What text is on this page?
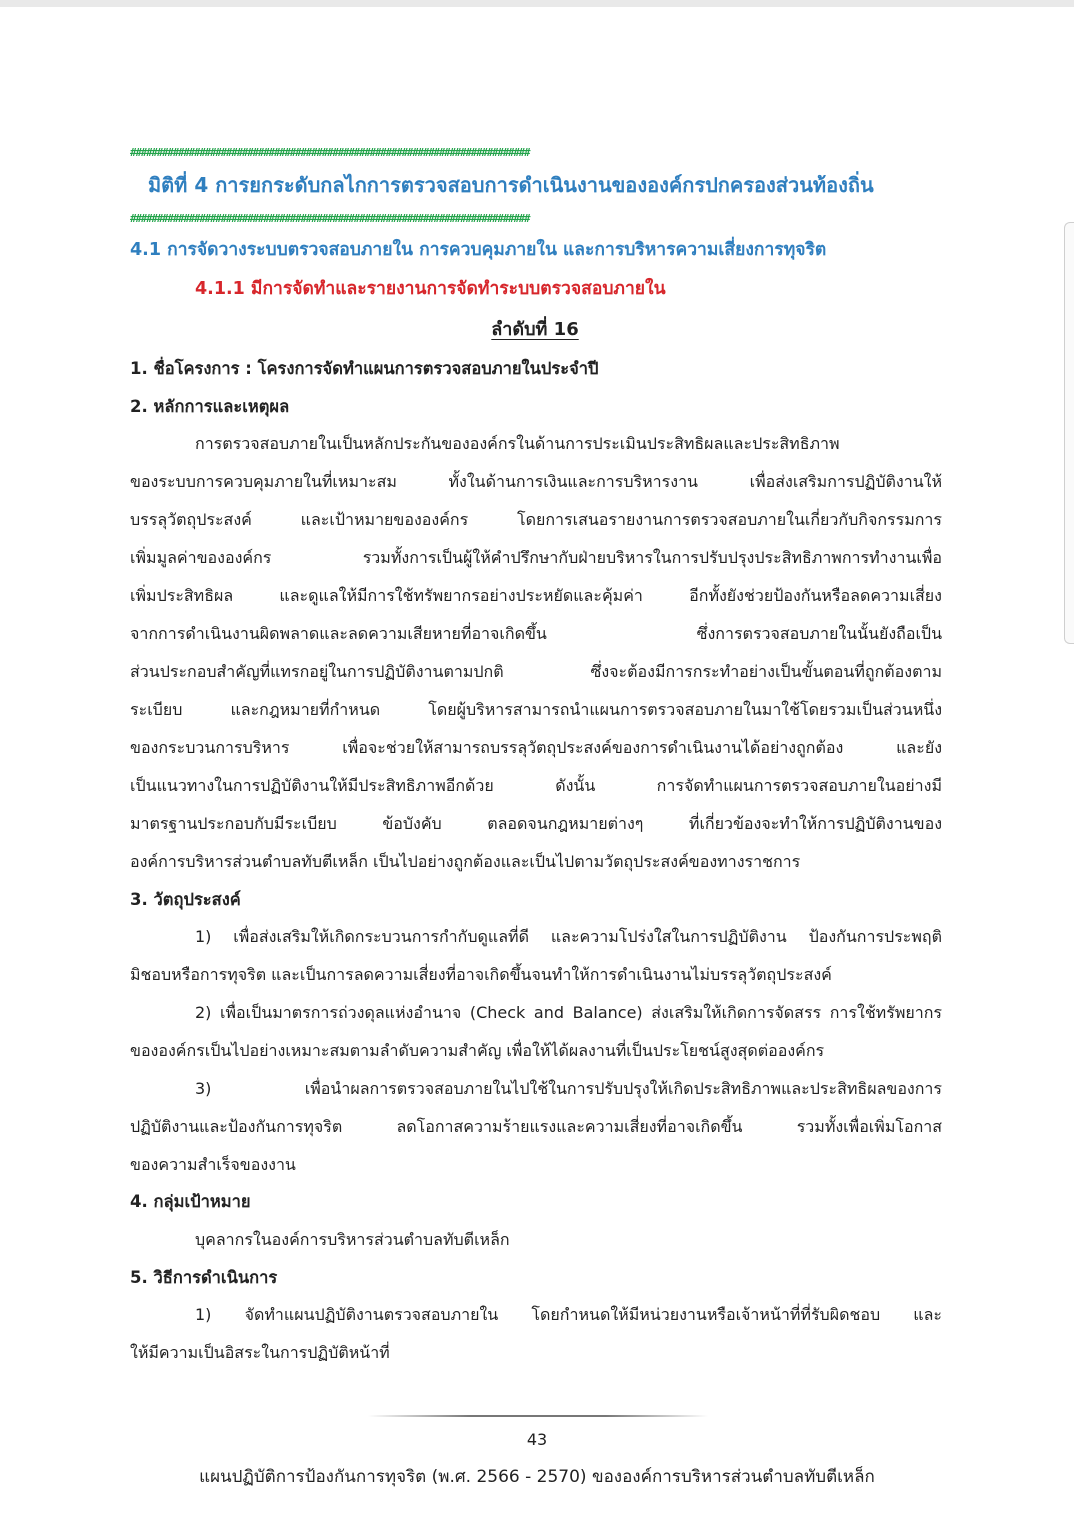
###########################################################################
มิติที่ 4 การยกระดับกลไกการตรวจสอบการดำเนินงานขององค์กรปกครองส่วนท้องถิ่น
###########################################################################
4.1 การจัดวางระบบตรวจสอบภายใน การควบคุมภายใน และการบริหารความเสี่ยงการทุจริต
4.1.1 มีการจัดทำและรายงานการจัดทำระบบตรวจสอบภายใน
ลำดับที่ 16
1. ชื่อโครงการ : โครงการจัดทำแผนการตรวจสอบภายในประจำปี
2. หลักการและเหตุผล
การตรวจสอบภายในเป็นหลักประกันขององค์กรในด้านการประเมินประสิทธิผลและประสิทธิภาพ
ของระบบการควบคุมภายในที่เหมาะสม ทั้งในด้านการเงินและการบริหารงาน เพื่อส่งเสริมการปฏิบัติงานให้
บรรลุวัตถุประสงค์ และเป้าหมายขององค์กร โดยการเสนอรายงานการตรวจสอบภายในเกี่ยวกับกิจกรรมการ
เพิ่มมูลค่าขององค์กร รวมทั้งการเป็นผู้ให้คำปรึกษากับฝ่ายบริหารในการปรับปรุงประสิทธิภาพการทำงานเพื่อ
เพิ่มประสิทธิผล และดูแลให้มีการใช้ทรัพยากรอย่างประหยัดและคุ้มค่า อีกทั้งยังช่วยป้องกันหรือลดความเสี่ยง
จากการดำเนินงานผิดพลาดและลดความเสียหายที่อาจเกิดขึ้น ซึ่งการตรวจสอบภายในนั้นยังถือเป็น
ส่วนประกอบสำคัญที่แทรกอยู่ในการปฏิบัติงานตามปกติ ซึ่งจะต้องมีการกระทำอย่างเป็นขั้นตอนที่ถูกต้องตาม
ระเบียบ และกฎหมายที่กำหนด โดยผู้บริหารสามารถนำแผนการตรวจสอบภายในมาใช้โดยรวมเป็นส่วนหนึ่ง
ของกระบวนการบริหาร เพื่อจะช่วยให้สามารถบรรลุวัตถุประสงค์ของการดำเนินงานได้อย่างถูกต้อง และยัง
เป็นแนวทางในการปฏิบัติงานให้มีประสิทธิภาพอีกด้วย ดังนั้น การจัดทำแผนการตรวจสอบภายในอย่างมี
มาตรฐานประกอบกับมีระเบียบ ข้อบังคับ ตลอดจนกฎหมายต่างๆ ที่เกี่ยวข้องจะทำให้การปฏิบัติงานของ
องค์การบริหารส่วนตำบลทับตีเหล็ก เป็นไปอย่างถูกต้องและเป็นไปตามวัตถุประสงค์ของทางราชการ
3. วัตถุประสงค์
1) เพื่อส่งเสริมให้เกิดกระบวนการกำกับดูแลที่ดี และความโปร่งใสในการปฏิบัติงาน ป้องกันการประพฤติ
มิชอบหรือการทุจริต และเป็นการลดความเสี่ยงที่อาจเกิดขึ้นจนทำให้การดำเนินงานไม่บรรลุวัตถุประสงค์
2) เพื่อเป็นมาตรการถ่วงดุลแห่งอำนาจ (Check and Balance) ส่งเสริมให้เกิดการจัดสรร การใช้ทรัพยากร
ขององค์กรเป็นไปอย่างเหมาะสมตามลำดับความสำคัญ เพื่อให้ได้ผลงานที่เป็นประโยชน์สูงสุดต่อองค์กร
3) เพื่อนำผลการตรวจสอบภายในไปใช้ในการปรับปรุงให้เกิดประสิทธิภาพและประสิทธิผลของการ
ปฏิบัติงานและป้องกันการทุจริต ลดโอกาสความร้ายแรงและความเสี่ยงที่อาจเกิดขึ้น รวมทั้งเพื่อเพิ่มโอกาส
ของความสำเร็จของงาน
4. กลุ่มเป้าหมาย
บุคลากรในองค์การบริหารส่วนตำบลทับตีเหล็ก
5. วิธีการดำเนินการ
1) จัดทำแผนปฏิบัติงานตรวจสอบภายใน โดยกำหนดให้มีหน่วยงานหรือเจ้าหน้าที่ที่รับผิดชอบ และ
ให้มีความเป็นอิสระในการปฏิบัติหน้าที่
43
แผนปฏิบัติการป้องกันการทุจริต (พ.ศ. 2566 - 2570) ขององค์การบริหารส่วนตำบลทับตีเหล็ก
